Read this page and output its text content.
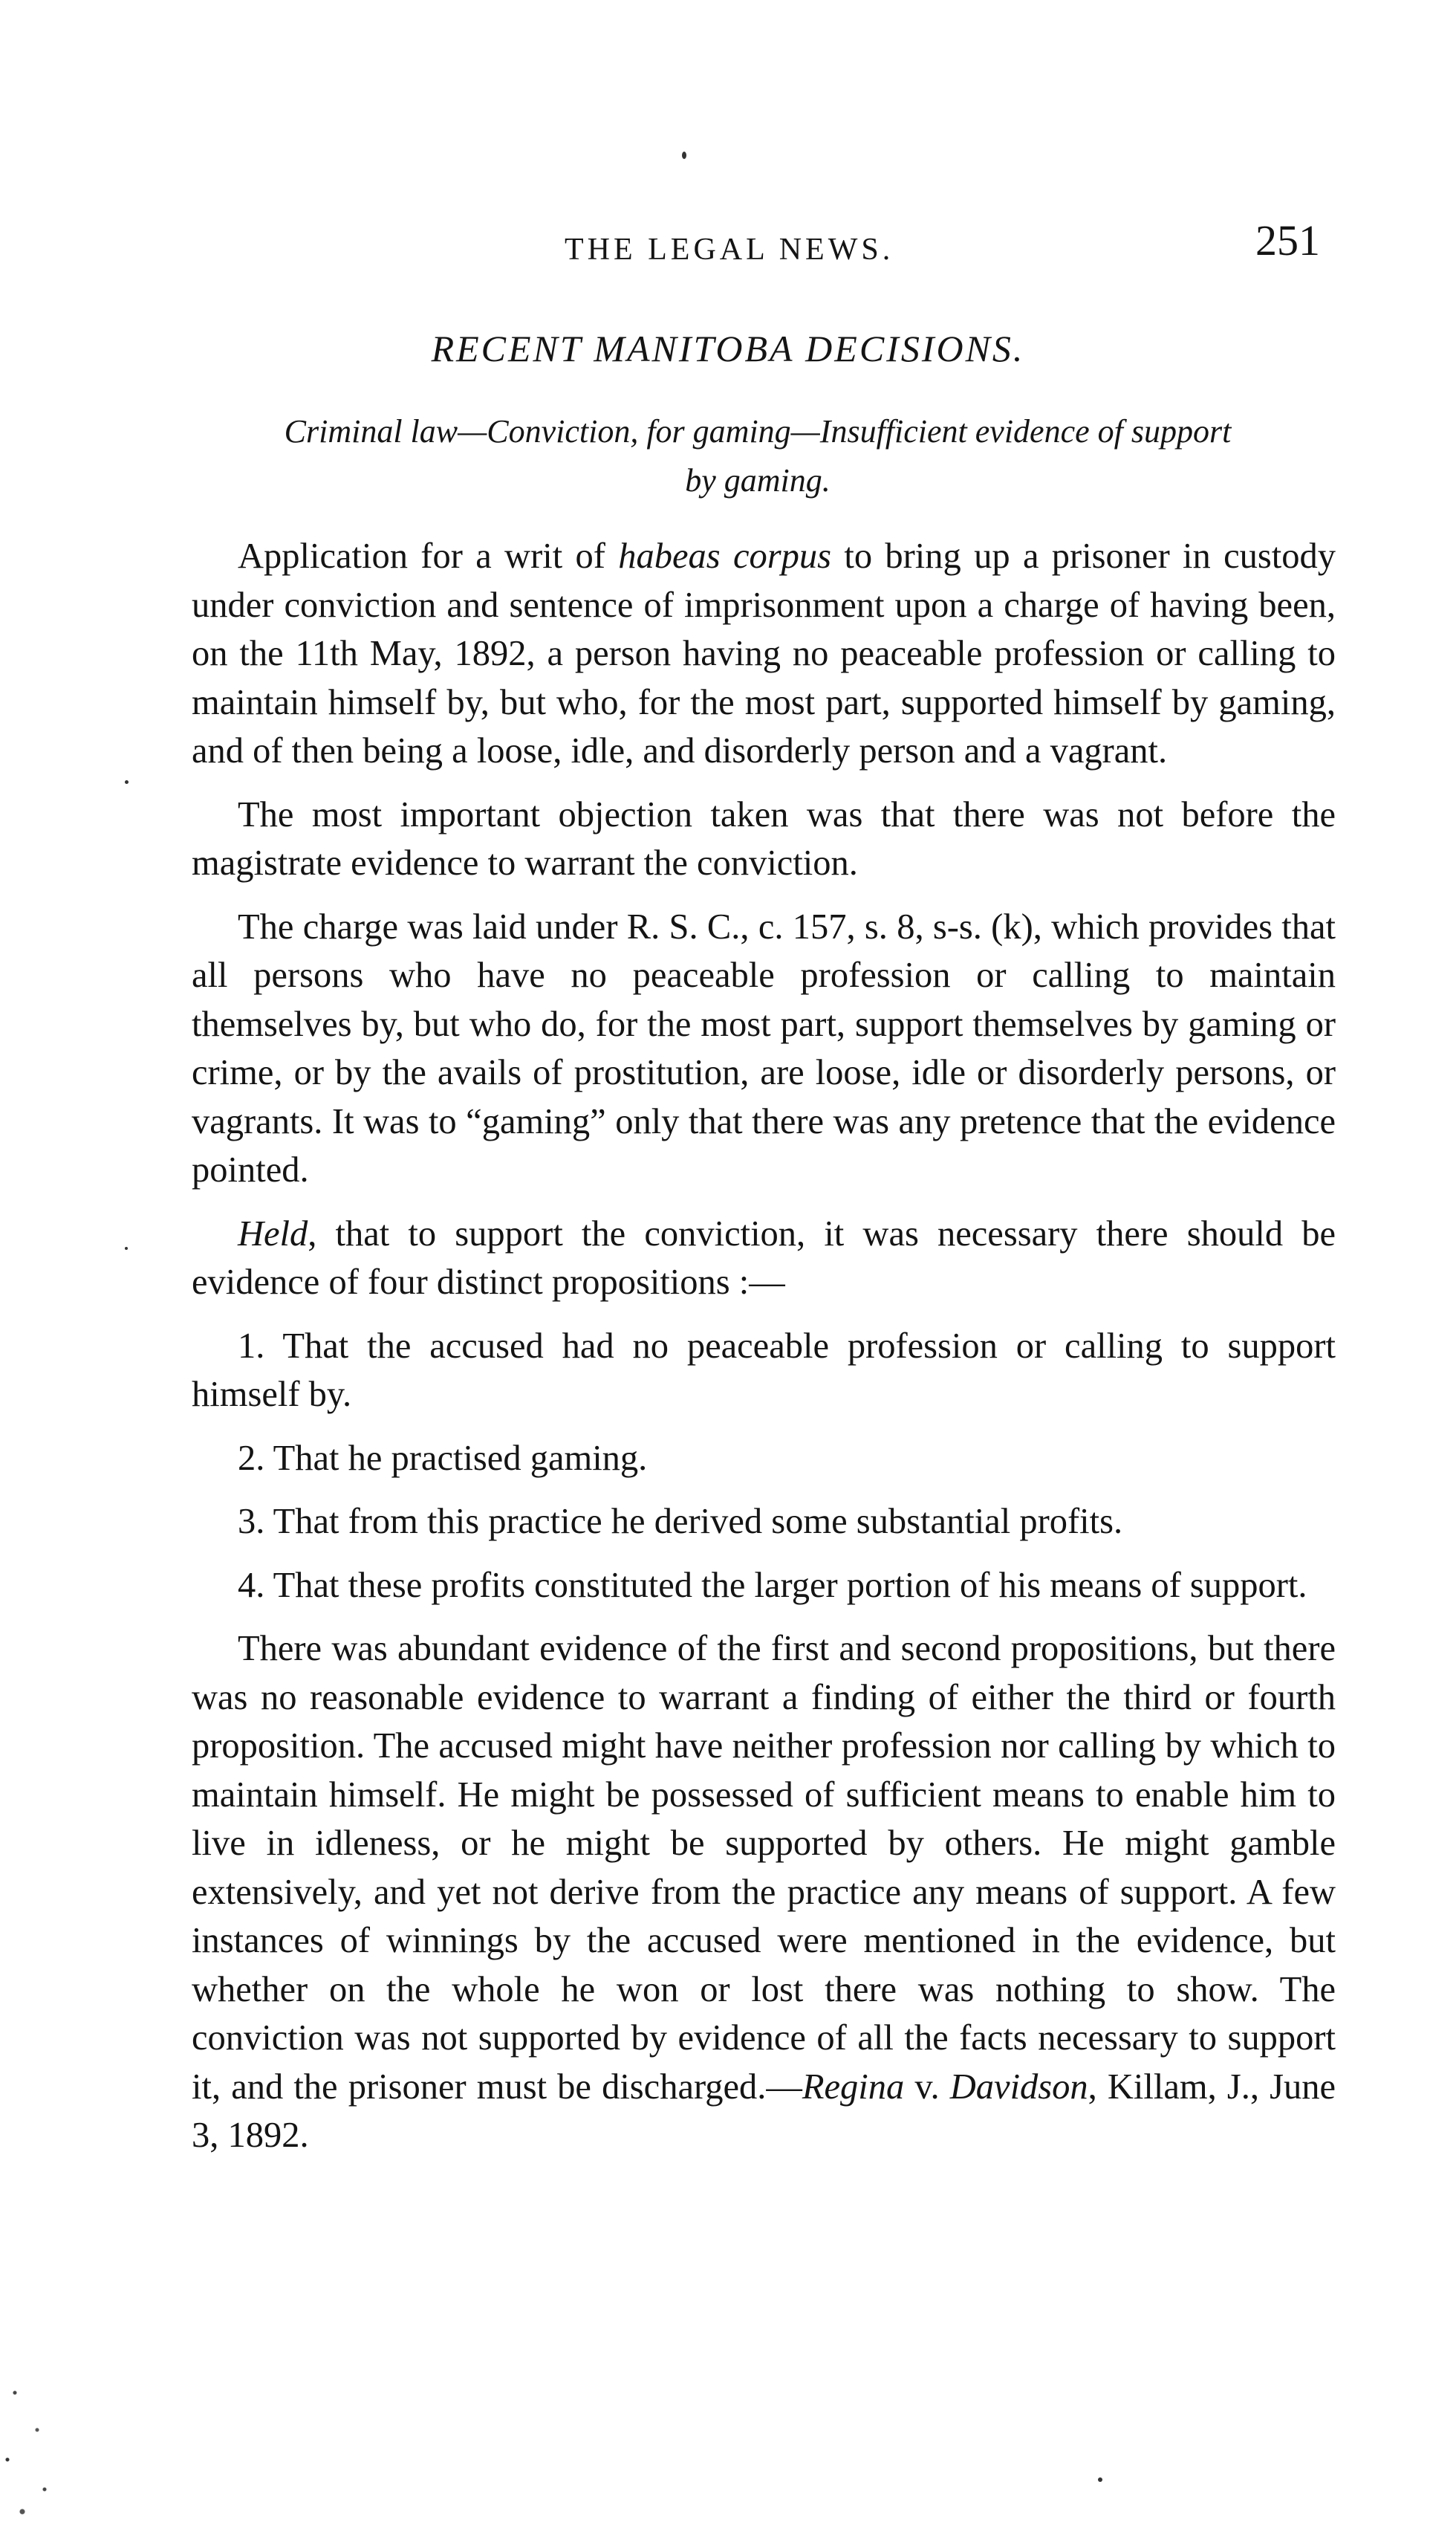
THE LEGAL NEWS.	251
RECENT MANITOBA DECISIONS.
Criminal law—Conviction, for gaming—Insufficient evidence of support
by gaming.

Application for a writ of habeas corpus to bring up a prisoner in custody under conviction and sentence of imprisonment upon a charge of having been, on the 11th May, 1892, a person having no peaceable profession or calling to maintain himself by, but who, for the most part, supported himself by gaming, and of then being a loose, idle, and disorderly person and a vagrant.

The most important objection taken was that there was not before the magistrate evidence to warrant the conviction.

The charge was laid under R. S. C., c. 157, s. 8, s-s. (k), which provides that all persons who have no peaceable profession or calling to maintain themselves by, but who do, for the most part, support themselves by gaming or crime, or by the avails of prostitution, are loose, idle or disorderly persons, or vagrants. It was to “gaming” only that there was any pretence that the evidence pointed.

Held, that to support the conviction, it was necessary there should be evidence of four distinct propositions :—

1. That the accused had no peaceable profession or calling to support himself by.

2. That he practised gaming.

3. That from this practice he derived some substantial profits.

4. That these profits constituted the larger portion of his means of support.

There was abundant evidence of the first and second propositions, but there was no reasonable evidence to warrant a finding of either the third or fourth proposition. The accused might have neither profession nor calling by which to maintain himself. He might be possessed of sufficient means to enable him to live in idleness, or he might be supported by others. He might gamble extensively, and yet not derive from the practice any means of support. A few instances of winnings by the accused were mentioned in the evidence, but whether on the whole he won or lost there was nothing to show. The conviction was not supported by evidence of all the facts necessary to support it, and the prisoner must be discharged.—Regina v. Davidson, Killam, J., June 3, 1892.
